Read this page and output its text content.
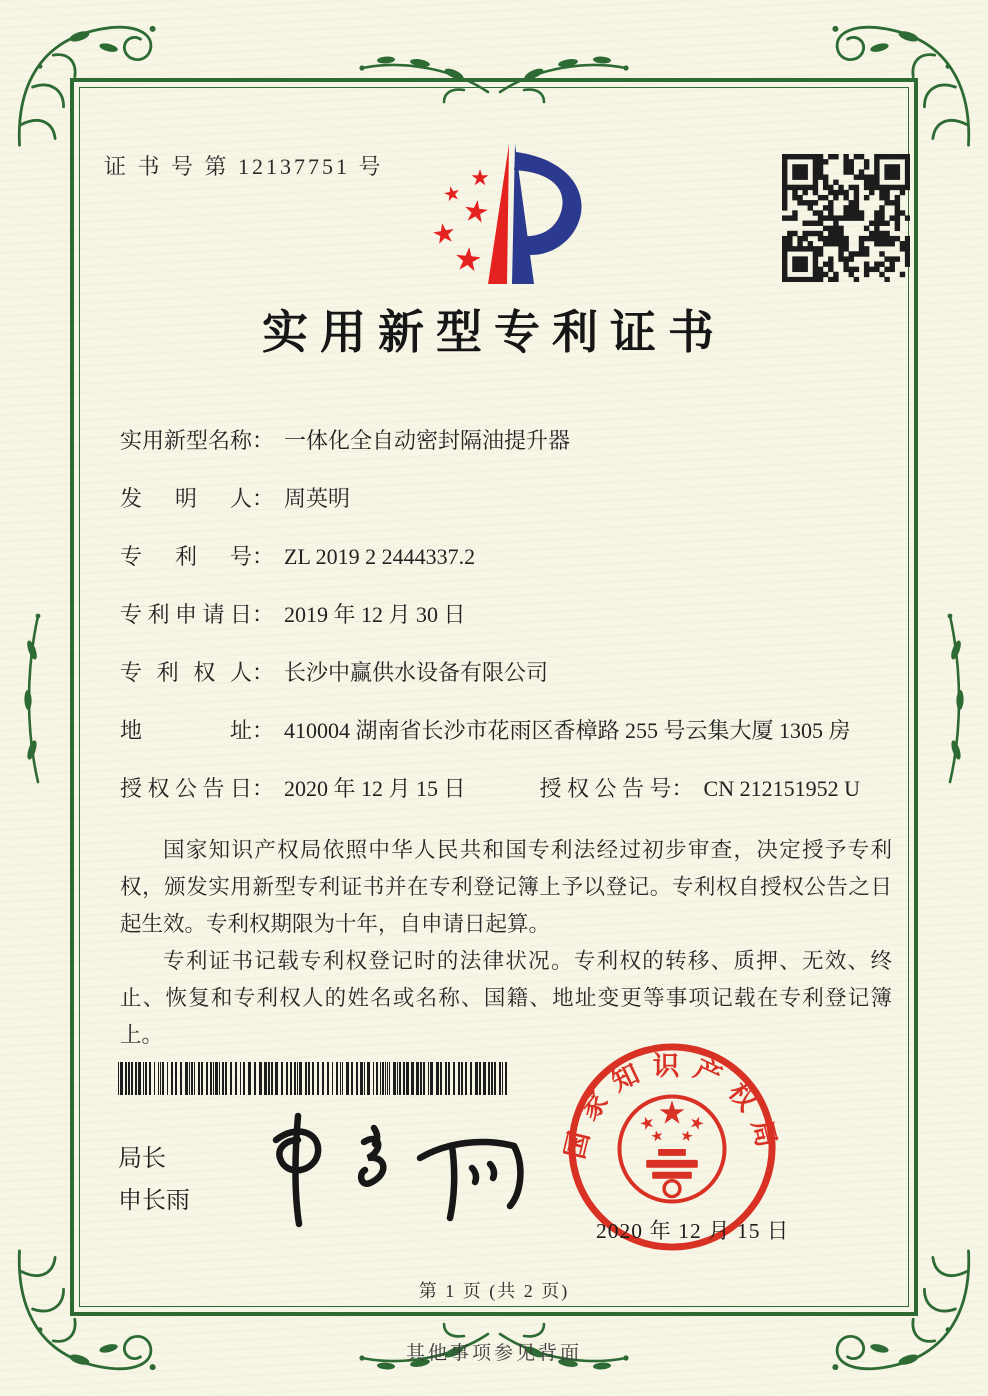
证 书 号 第 12137751 号
实用新型专利证书
实用新型名称： 一体化全自动密封隔油提升器
发明人： 周英明
专利号： ZL 2019 2 2444337.2
专利申请日： 2019 年 12 月 30 日
专利权人： 长沙中赢供水设备有限公司
地址： 410004 湖南省长沙市花雨区香樟路 255 号云集大厦 1305 房
授权公告日： 2020 年 12 月 15 日	授权公告号： CN 212151952 U

国家知识产权局依照中华人民共和国专利法经过初步审查，决定授予专利权，颁发实用新型专利证书并在专利登记簿上予以登记。专利权自授权公告之日起生效。专利权期限为十年，自申请日起算。

专利证书记载专利权登记时的法律状况。专利权的转移、质押、无效、终止、恢复和专利权人的姓名或名称、国籍、地址变更等事项记载在专利登记簿上。

局长
申长雨
国家知识产权局
2020 年 12 月 15 日
第 1 页 (共 2 页)
其他事项参见背面
